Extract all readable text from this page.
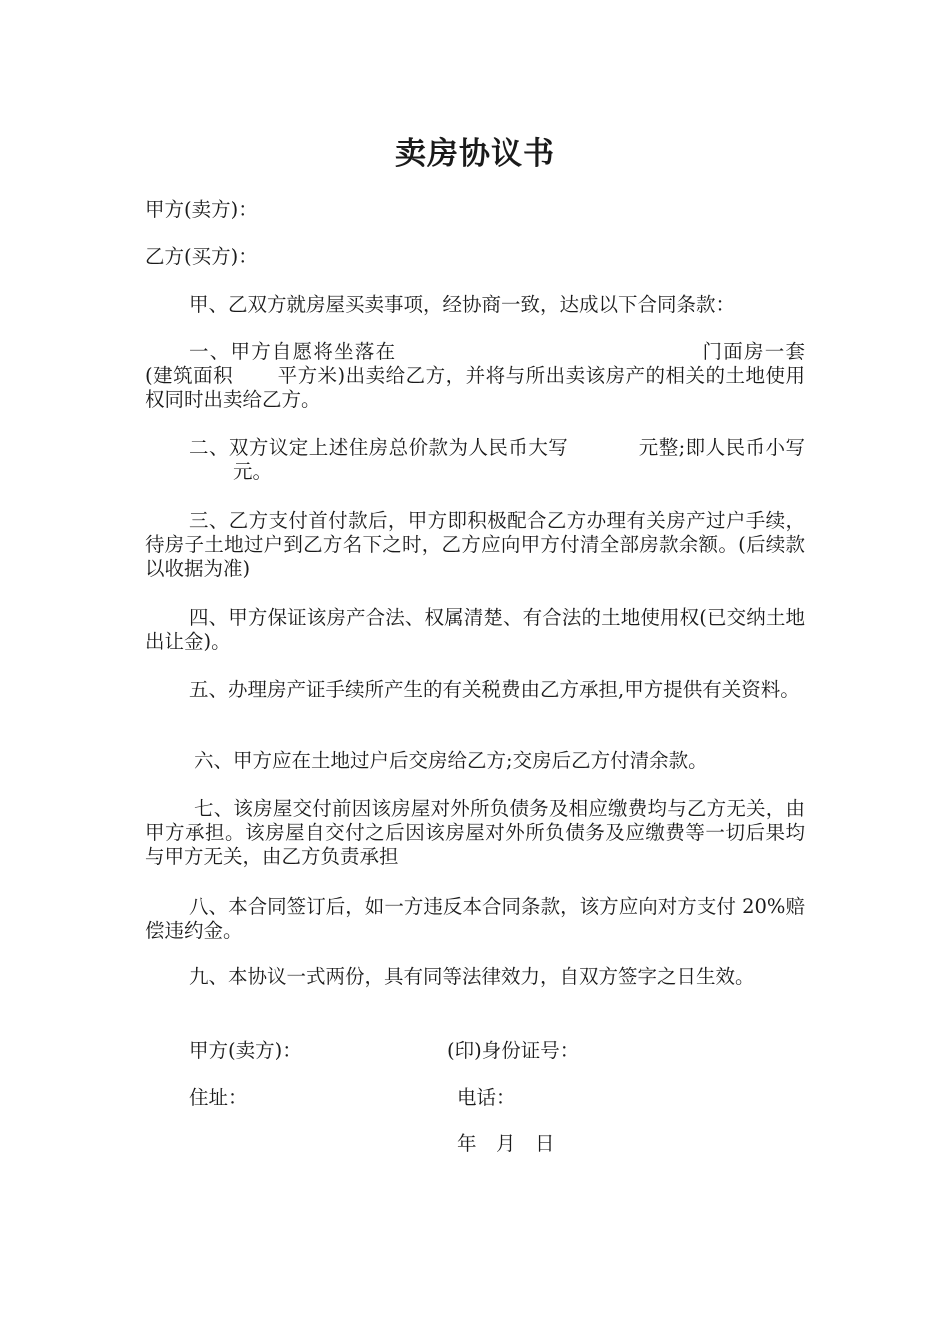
卖房协议书
甲方(卖方)：
乙方(买方)：
甲、乙双方就房屋买卖事项，经协商一致，达成以下合同条款：
一、甲方自愿将坐落在	门面房一套(建筑面积 平方米)出卖给乙方，并将与所出卖该房产的相关的土地使用权同时出卖给乙方。
二、双方议定上述住房总价款为人民币大写	元整;即人民币小写元。
三、乙方支付首付款后，甲方即积极配合乙方办理有关房产过户手续，待房子土地过户到乙方名下之时，乙方应向甲方付清全部房款余额。(后续款以收据为准)
四、甲方保证该房产合法、权属清楚、有合法的土地使用权(已交纳土地出让金)。
五、办理房产证手续所产生的有关税费由乙方承担,甲方提供有关资料。
六、甲方应在土地过户后交房给乙方;交房后乙方付清余款。
七、该房屋交付前因该房屋对外所负债务及相应缴费均与乙方无关，由甲方承担。该房屋自交付之后因该房屋对外所负债务及应缴费等一切后果均与甲方无关，由乙方负责承担
八、本合同签订后，如一方违反本合同条款，该方应向对方支付 20%赔偿违约金。
九、本协议一式两份，具有同等法律效力，自双方签字之日生效。
甲方(卖方)：	(印)身份证号：
住址：	电话：
年　月　日
